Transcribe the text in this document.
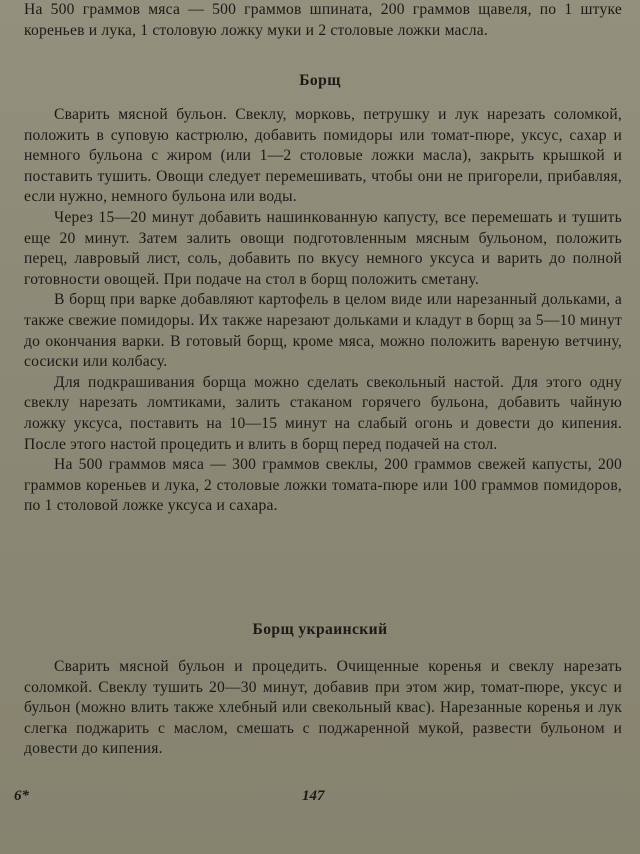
На 500 граммов мяса — 500 граммов шпината, 200 граммов щавеля, по 1 штуке кореньев и лука, 1 столовую ложку муки и 2 столовые ложки масла.

Борщ

Сварить мясной бульон. Свеклу, морковь, петрушку и лук нарезать соломкой, положить в суповую кастрюлю, добавить помидоры или томат-пюре, уксус, сахар и немного бульона с жиром (или 1—2 столовые ложки масла), закрыть крышкой и поставить тушить. Овощи следует перемешивать, чтобы они не пригорели, прибавляя, если нужно, немного бульона или воды.

Через 15—20 минут добавить нашинкованную капусту, все перемешать и тушить еще 20 минут. Затем залить овощи подготовленным мясным бульоном, положить перец, лавровый лист, соль, добавить по вкусу немного уксуса и варить до полной готовности овощей. При подаче на стол в борщ положить сметану.

В борщ при варке добавляют картофель в целом виде или нарезанный дольками, а также свежие помидоры. Их также нарезают дольками и кладут в борщ за 5—10 минут до окончания варки. В готовый борщ, кроме мяса, можно положить вареную ветчину, сосиски или колбасу.

Для подкрашивания борща можно сделать свекольный настой. Для этого одну свеклу нарезать ломтиками, залить стаканом горячего бульона, добавить чайную ложку уксуса, поставить на 10—15 минут на слабый огонь и довести до кипения. После этого настой процедить и влить в борщ перед подачей на стол.

На 500 граммов мяса — 300 граммов свеклы, 200 граммов свежей капусты, 200 граммов кореньев и лука, 2 столовые ложки томата-пюре или 100 граммов помидоров, по 1 столовой ложке уксуса и сахара.

Борщ украинский

Сварить мясной бульон и процедить. Очищенные коренья и свеклу нарезать соломкой. Свеклу тушить 20—30 минут, добавив при этом жир, томат-пюре, уксус и бульон (можно влить также хлебный или свекольный квас). Нарезанные коренья и лук слегка поджарить с маслом, смешать с поджаренной мукой, развести бульоном и довести до кипения.

6*	147
